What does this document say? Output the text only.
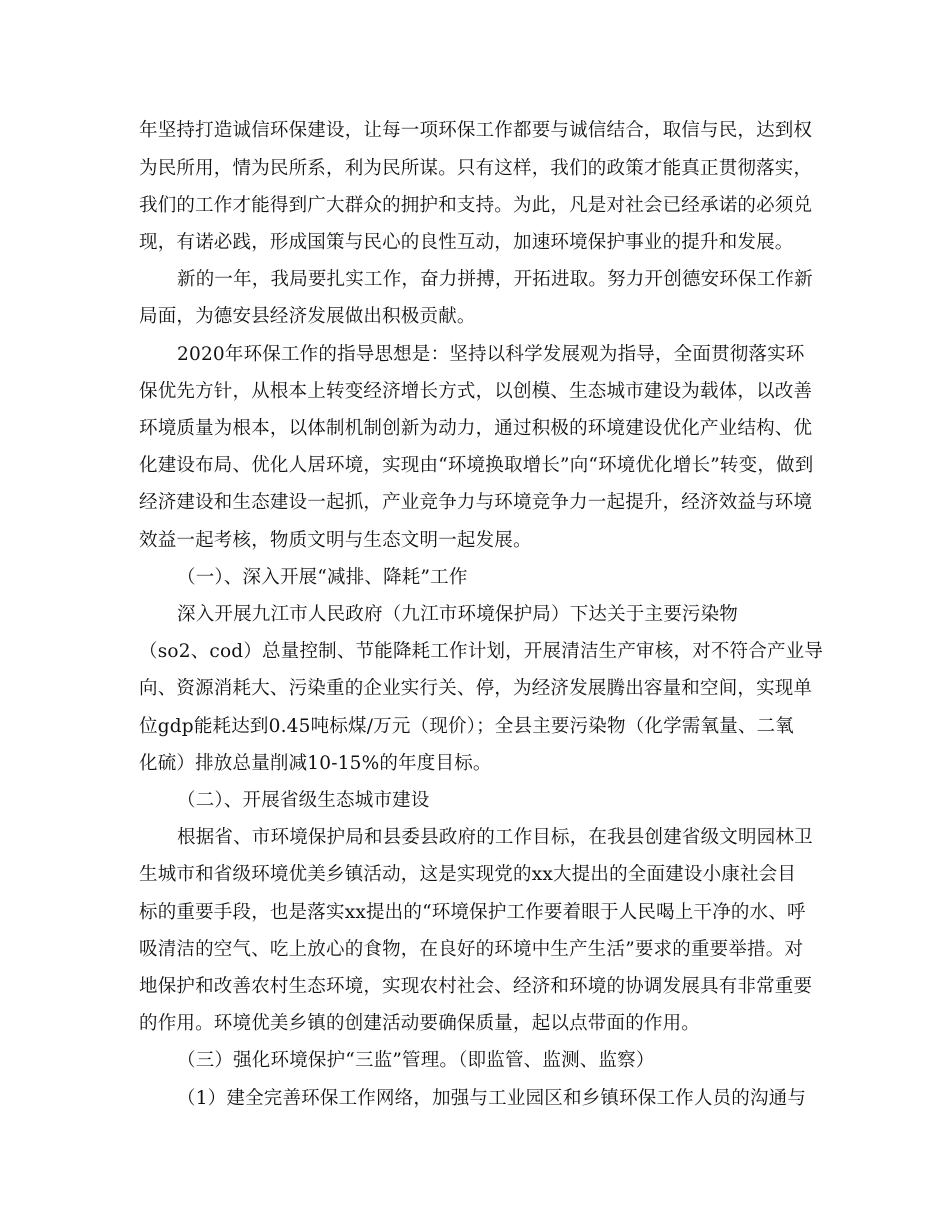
年坚持打造诚信环保建设，让每一项环保工作都要与诚信结合，取信与民，达到权
为民所用，情为民所系，利为民所谋。只有这样，我们的政策才能真正贯彻落实，
我们的工作才能得到广大群众的拥护和支持。为此，凡是对社会已经承诺的必须兑
现，有诺必践，形成国策与民心的良性互动，加速环境保护事业的提升和发展。
新的一年，我局要扎实工作，奋力拼搏，开拓进取。努力开创德安环保工作新
局面，为德安县经济发展做出积极贡献。
2020年环保工作的指导思想是：坚持以科学发展观为指导，全面贯彻落实环
保优先方针，从根本上转变经济增长方式，以创模、生态城市建设为载体，以改善
环境质量为根本，以体制机制创新为动力，通过积极的环境建设优化产业结构、优
化建设布局、优化人居环境，实现由“环境换取增长”向“环境优化增长”转变，做到
经济建设和生态建设一起抓，产业竞争力与环境竞争力一起提升，经济效益与环境
效益一起考核，物质文明与生态文明一起发展。
（一）、深入开展“减排、降耗”工作
深入开展九江市人民政府（九江市环境保护局）下达关于主要污染物
（so2、cod）总量控制、节能降耗工作计划，开展清洁生产审核，对不符合产业导
向、资源消耗大、污染重的企业实行关、停，为经济发展腾出容量和空间，实现单
位gdp能耗达到0.45吨标煤/万元（现价）；全县主要污染物（化学需氧量、二氧
化硫）排放总量削减10-15%的年度目标。
（二）、开展省级生态城市建设
根据省、市环境保护局和县委县政府的工作目标，在我县创建省级文明园林卫
生城市和省级环境优美乡镇活动，这是实现党的xx大提出的全面建设小康社会目
标的重要手段，也是落实xx提出的“环境保护工作要着眼于人民喝上干净的水、呼
吸清洁的空气、吃上放心的食物，在良好的环境中生产生活”要求的重要举措。对
地保护和改善农村生态环境，实现农村社会、经济和环境的协调发展具有非常重要
的作用。环境优美乡镇的创建活动要确保质量，起以点带面的作用。
（三）强化环境保护“三监”管理。（即监管、监测、监察）
（1）建全完善环保工作网络，加强与工业园区和乡镇环保工作人员的沟通与
